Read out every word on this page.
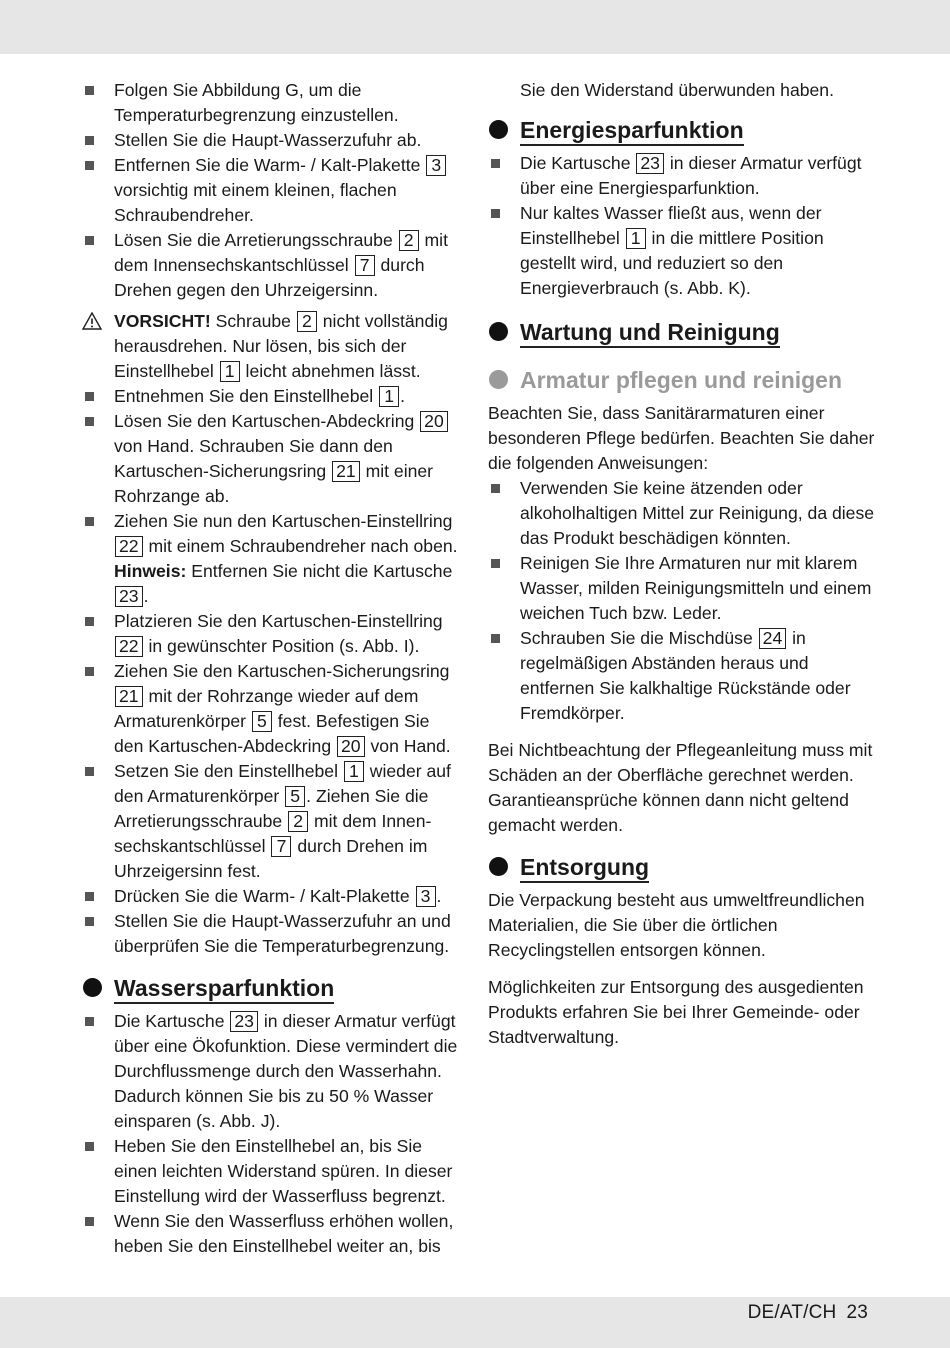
Folgen Sie Abbildung G, um die Temperaturbegrenzung einzustellen.
Stellen Sie die Haupt-Wasserzufuhr ab.
Entfernen Sie die Warm- / Kalt-Plakette 3 vorsichtig mit einem kleinen, flachen Schraubendreher.
Lösen Sie die Arretierungsschraube 2 mit dem Innensechskantschlüssel 7 durch Drehen gegen den Uhrzeigersinn.
VORSICHT! Schraube 2 nicht vollständig herausdrehen. Nur lösen, bis sich der Einstellhebel 1 leicht abnehmen lässt.
Entnehmen Sie den Einstellhebel 1 .
Lösen Sie den Kartuschen-Abdeckring 20 von Hand. Schrauben Sie dann den Kartuschen-Sicherungsring 21 mit einer Rohrzange ab.
Ziehen Sie nun den Kartuschen-Einstellring 22 mit einem Schraubendreher nach oben. Hinweis: Entfernen Sie nicht die Kartusche 23 .
Platzieren Sie den Kartuschen-Einstellring 22 in gewünschter Position (s. Abb. I).
Ziehen Sie den Kartuschen-Sicherungsring 21 mit der Rohrzange wieder auf dem Armaturenkörper 5 fest. Befestigen Sie den Kartuschen-Abdeckring 20 von Hand.
Setzen Sie den Einstellhebel 1 wieder auf den Armaturenkörper 5 . Ziehen Sie die Arretierungsschraube 2 mit dem Innen-sechskantschlüssel 7 durch Drehen im Uhrzeigersinn fest.
Drücken Sie die Warm- / Kalt-Plakette 3 .
Stellen Sie die Haupt-Wasserzufuhr an und überprüfen Sie die Temperaturbegrenzung.
Wassersparfunktion
Die Kartusche 23 in dieser Armatur verfügt über eine Ökofunktion. Diese vermindert die Durchflussmenge durch den Wasserhahn. Dadurch können Sie bis zu 50 % Wasser einsparen (s. Abb. J).
Heben Sie den Einstellhebel an, bis Sie einen leichten Widerstand spüren. In dieser Einstellung wird der Wasserfluss begrenzt.
Wenn Sie den Wasserfluss erhöhen wollen, heben Sie den Einstellhebel weiter an, bis
Sie den Widerstand überwunden haben.
Energiesparfunktion
Die Kartusche 23 in dieser Armatur verfügt über eine Energiesparfunktion.
Nur kaltes Wasser fließt aus, wenn der Einstellhebel 1 in die mittlere Position gestellt wird, und reduziert so den Energieverbrauch (s. Abb. K).
Wartung und Reinigung
Armatur pflegen und reinigen
Beachten Sie, dass Sanitärarmaturen einer besonderen Pflege bedürfen. Beachten Sie daher die folgenden Anweisungen:
Verwenden Sie keine ätzenden oder alkoholhaltigen Mittel zur Reinigung, da diese das Produkt beschädigen könnten.
Reinigen Sie Ihre Armaturen nur mit klarem Wasser, milden Reinigungsmitteln und einem weichen Tuch bzw. Leder.
Schrauben Sie die Mischdüse 24 in regelmäßigen Abständen heraus und entfernen Sie kalkhaltige Rückstände oder Fremdkörper.
Bei Nichtbeachtung der Pflegeanleitung muss mit Schäden an der Oberfläche gerechnet werden. Garantieansprüche können dann nicht geltend gemacht werden.
Entsorgung
Die Verpackung besteht aus umweltfreundlichen Materialien, die Sie über die örtlichen Recyclingstellen entsorgen können.
Möglichkeiten zur Entsorgung des ausgedienten Produkts erfahren Sie bei Ihrer Gemeinde- oder Stadtverwaltung.
DE/AT/CH 23
